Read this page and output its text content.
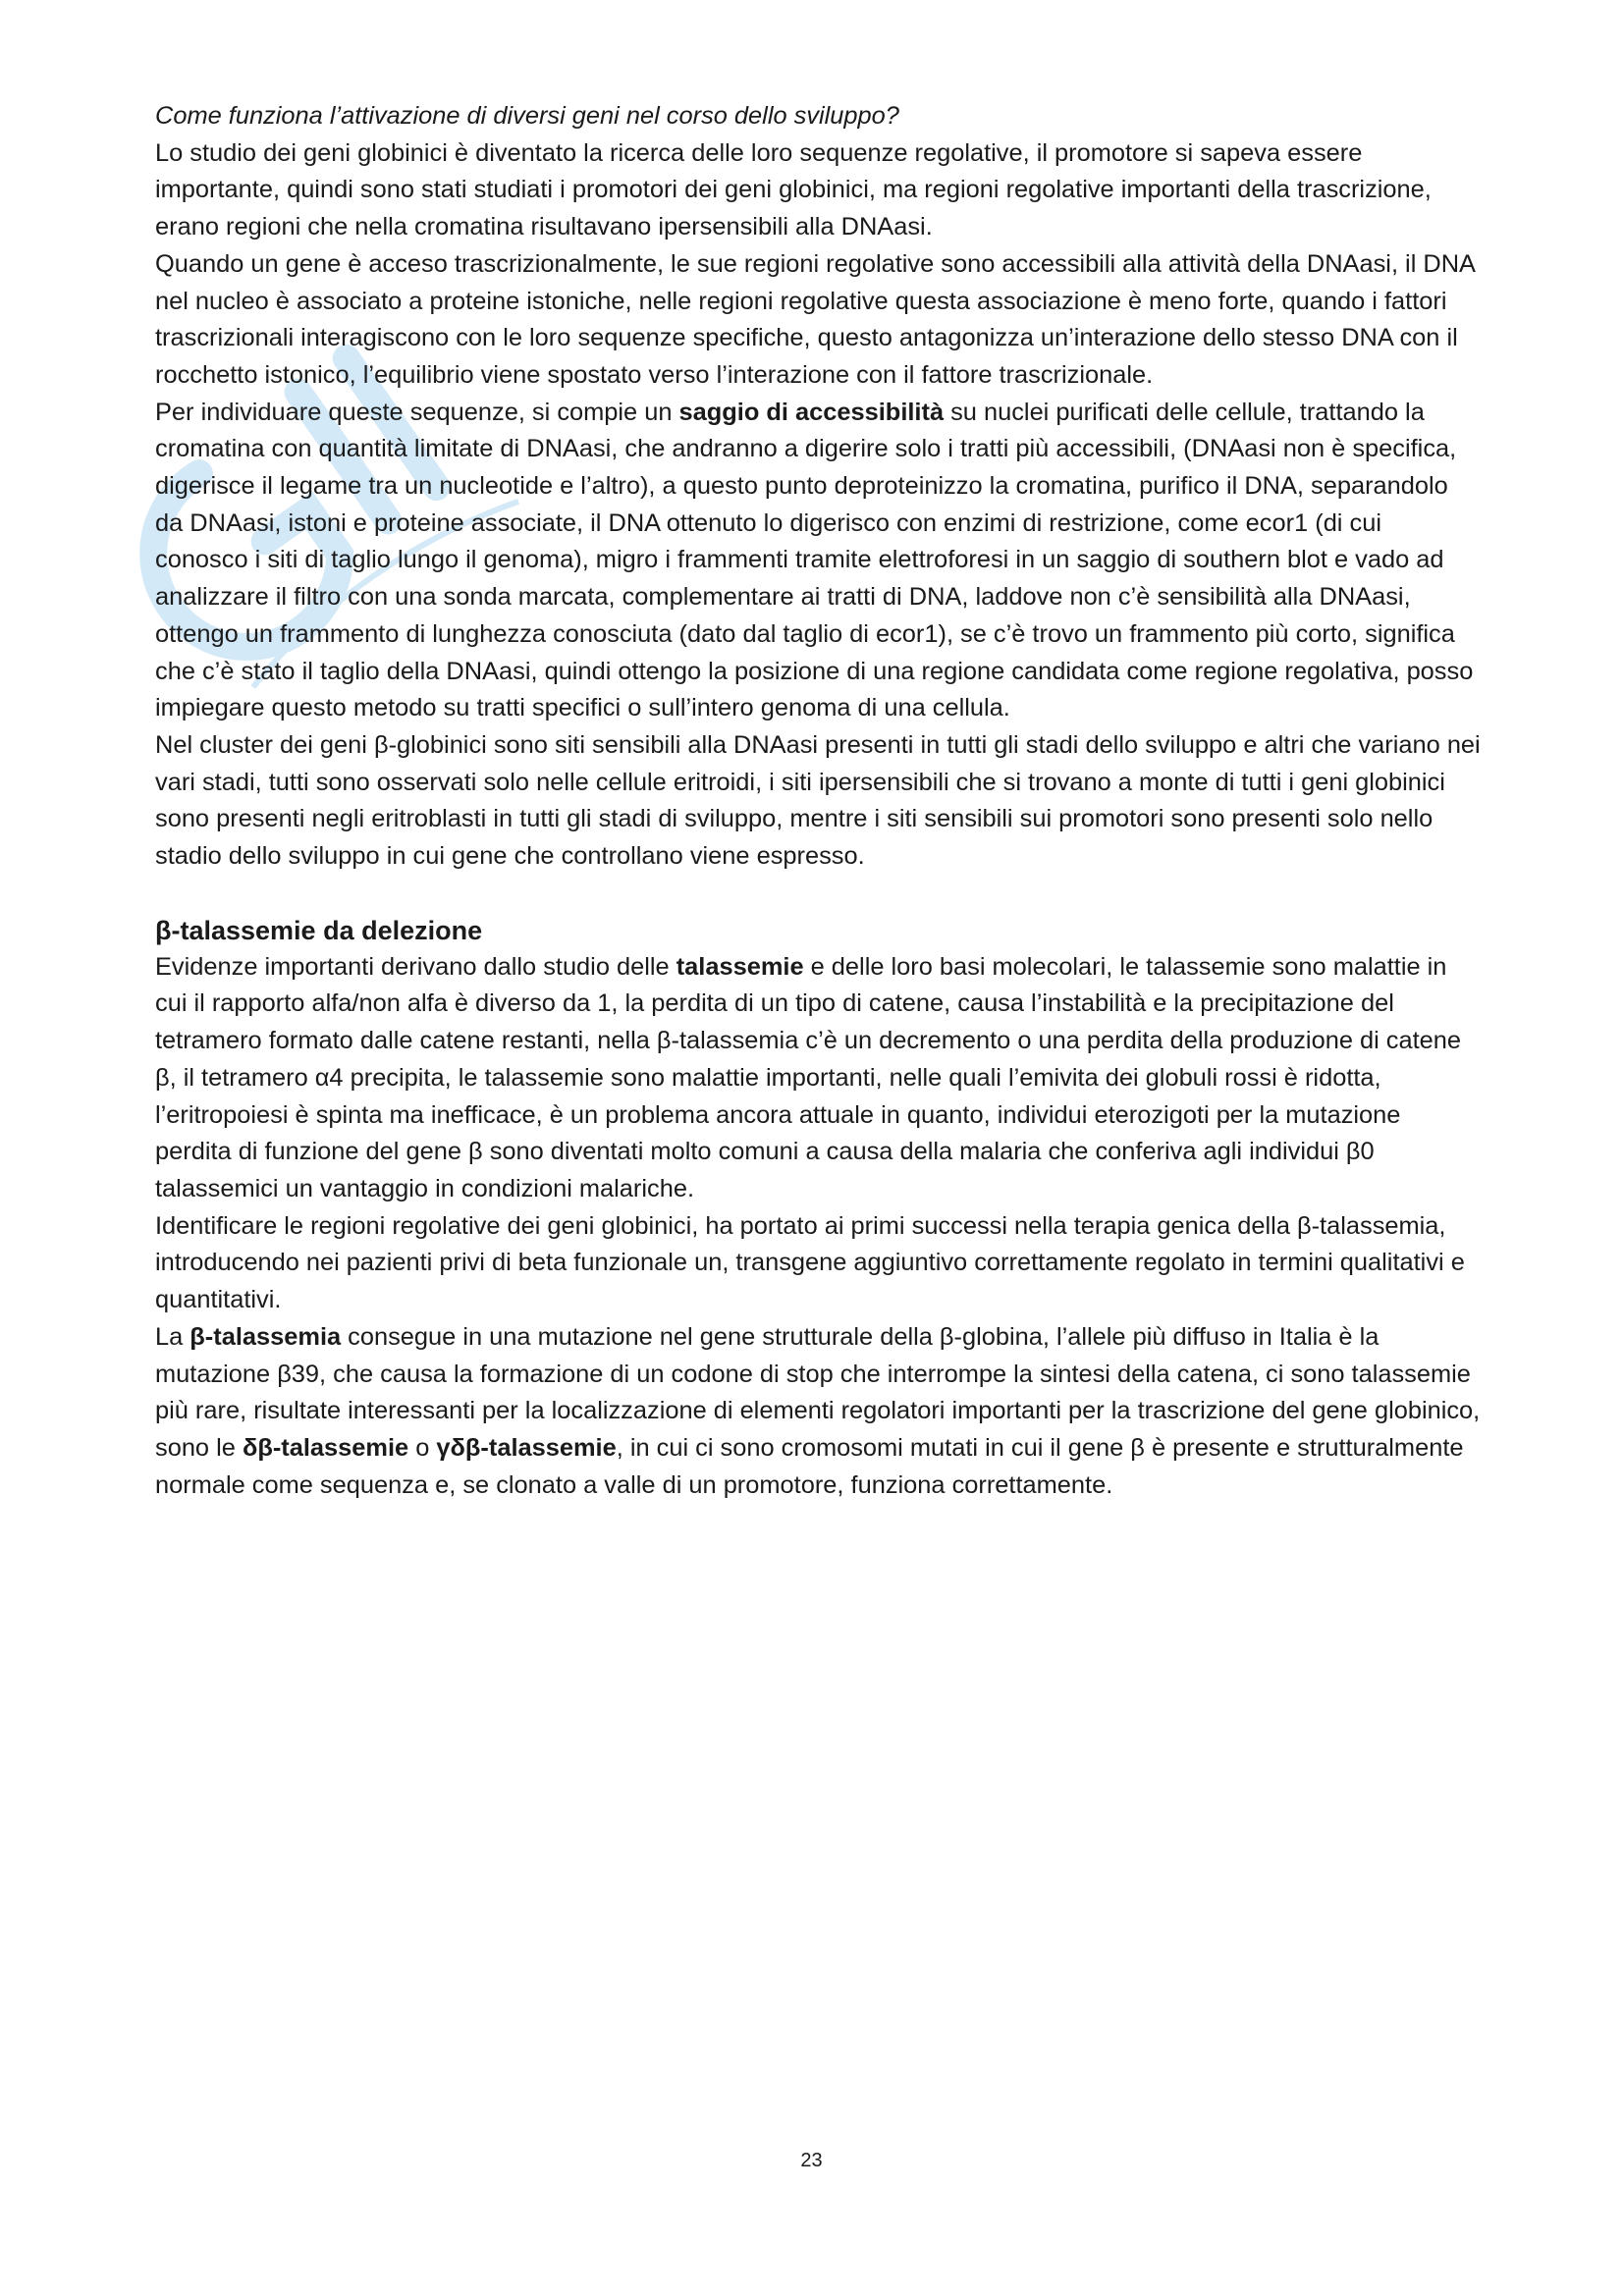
Come funziona l’attivazione di diversi geni nel corso dello sviluppo?

Lo studio dei geni globinici è diventato la ricerca delle loro sequenze regolative, il promotore si sapeva essere importante, quindi sono stati studiati i promotori dei geni globinici, ma regioni regolative importanti della trascrizione, erano regioni che nella cromatina risultavano ipersensibili alla DNAasi.

Quando un gene è acceso trascrizionalmente, le sue regioni regolative sono accessibili alla attività della DNAasi, il DNA nel nucleo è associato a proteine istoniche, nelle regioni regolative questa associazione è meno forte, quando i fattori trascrizionali interagiscono con le loro sequenze specifiche, questo antagonizza un’interazione dello stesso DNA con il rocchetto istonico, l’equilibrio viene spostato verso l’interazione con il fattore trascrizionale.

Per individuare queste sequenze, si compie un saggio di accessibilità su nuclei purificati delle cellule, trattando la cromatina con quantità limitate di DNAasi, che andranno a digerire solo i tratti più accessibili, (DNAasi non è specifica, digerisce il legame tra un nucleotide e l’altro), a questo punto deproteinizzo la cromatina, purifico il DNA, separandolo da DNAasi, istoni e proteine associate, il DNA ottenuto lo digerisco con enzimi di restrizione, come ecor1 (di cui conosco i siti di taglio lungo il genoma), migro i frammenti tramite elettroforesi in un saggio di southern blot e vado ad analizzare il filtro con una sonda marcata, complementare ai tratti di DNA, laddove non c’è sensibilità alla DNAasi, ottengo un frammento di lunghezza conosciuta (dato dal taglio di ecor1), se c’è trovo un frammento più corto, significa che c’è stato il taglio della DNAasi, quindi ottengo la posizione di una regione candidata come regione regolativa, posso impiegare questo metodo su tratti specifici o sull’intero genoma di una cellula.

Nel cluster dei geni β-globinici sono siti sensibili alla DNAasi presenti in tutti gli stadi dello sviluppo e altri che variano nei vari stadi, tutti sono osservati solo nelle cellule eritroidi, i siti ipersensibili che si trovano a monte di tutti i geni globinici sono presenti negli eritroblasti in tutti gli stadi di sviluppo, mentre i siti sensibili sui promotori sono presenti solo nello stadio dello sviluppo in cui gene che controllano viene espresso.

β-talassemie da delezione

Evidenze importanti derivano dallo studio delle talassemie e delle loro basi molecolari, le talassemie sono malattie in cui il rapporto alfa/non alfa è diverso da 1, la perdita di un tipo di catene, causa l’instabilità e la precipitazione del tetramero formato dalle catene restanti, nella β-talassemia c’è un decremento o una perdita della produzione di catene β, il tetramero α4 precipita, le talassemie sono malattie importanti, nelle quali l’emivita dei globuli rossi è ridotta, l’eritropoiesi è spinta ma inefficace, è un problema ancora attuale in quanto, individui eterozigoti per la mutazione perdita di funzione del gene β sono diventati molto comuni a causa della malaria che conferiva agli individui β0 talassemici un vantaggio in condizioni malariche.

Identificare le regioni regolative dei geni globinici, ha portato ai primi successi nella terapia genica della β-talassemia, introducendo nei pazienti privi di beta funzionale un, transgene aggiuntivo correttamente regolato in termini qualitativi e quantitativi.

La β-talassemia consegue in una mutazione nel gene strutturale della β-globina, l’allele più diffuso in Italia è la mutazione β39, che causa la formazione di un codone di stop che interrompe la sintesi della catena, ci sono talassemie più rare, risultate interessanti per la localizzazione di elementi regolatori importanti per la trascrizione del gene globinico, sono le δβ-talassemie o γδβ-talassemie, in cui ci sono cromosomi mutati in cui il gene β è presente e strutturalmente normale come sequenza e, se clonato a valle di un promotore, funziona correttamente.

23
